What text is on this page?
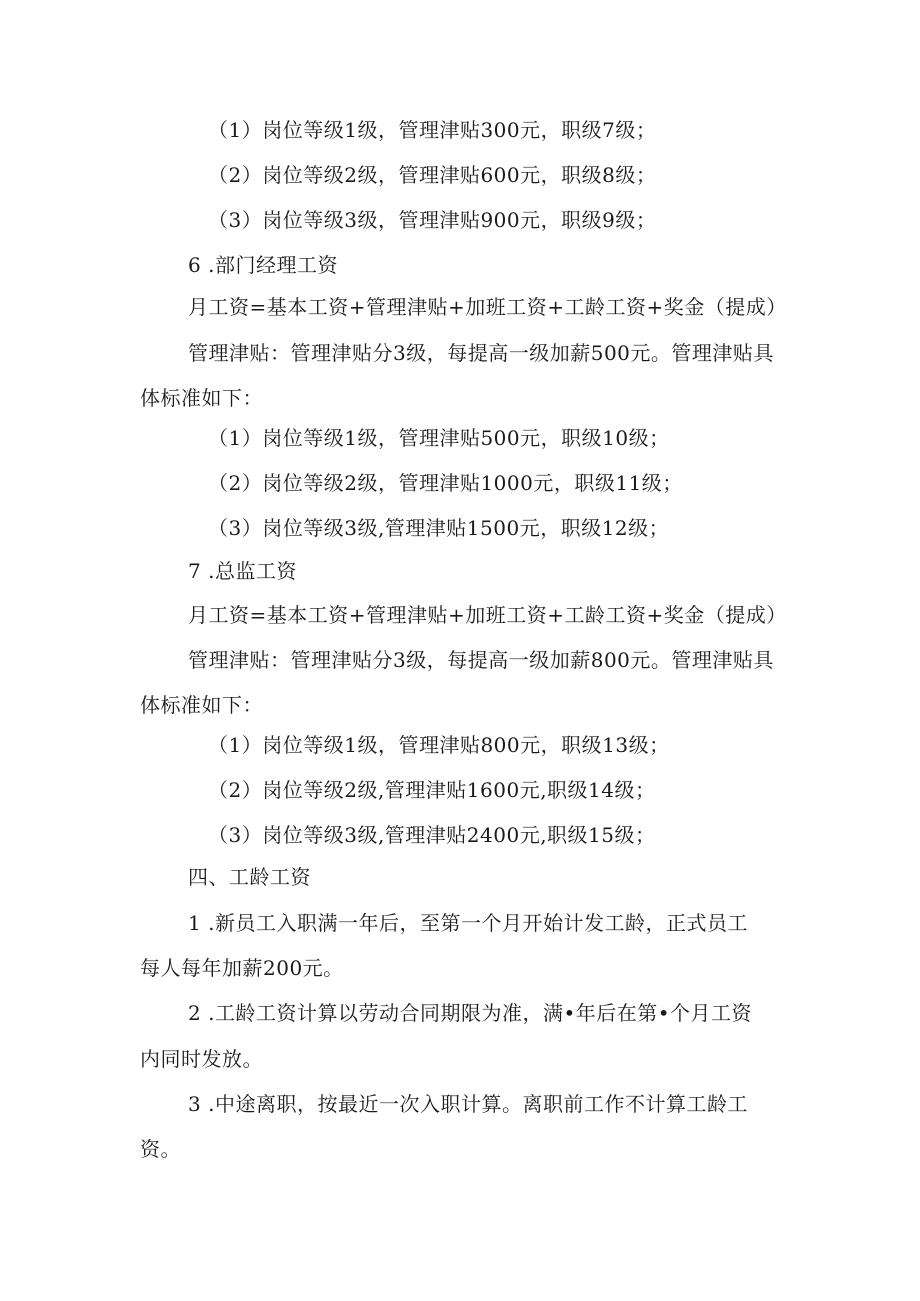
（1）岗位等级1级，管理津贴300元，职级7级；

（2）岗位等级2级，管理津贴600元，职级8级；

（3）岗位等级3级，管理津贴900元，职级9级；

6 .部门经理工资

月工资=基本工资+管理津贴+加班工资+工龄工资+奖金（提成）

管理津贴：管理津贴分3级，每提高一级加薪500元。管理津贴具

体标准如下：

（1）岗位等级1级，管理津贴500元，职级10级；

（2）岗位等级2级，管理津贴1000元，职级11级；

（3）岗位等级3级,管理津贴1500元，职级12级；

7 .总监工资

月工资=基本工资+管理津贴+加班工资+工龄工资+奖金（提成）

管理津贴：管理津贴分3级，每提高一级加薪800元。管理津贴具

体标准如下：

（1）岗位等级1级，管理津贴800元，职级13级；

（2）岗位等级2级,管理津贴1600元,职级14级；

（3）岗位等级3级,管理津贴2400元,职级15级；

四、工龄工资

1 .新员工入职满一年后，至第一个月开始计发工龄，正式员工

每人每年加薪200元。

2 .工龄工资计算以劳动合同期限为准，满•年后在第•个月工资

内同时发放。

3 .中途离职，按最近一次入职计算。离职前工作不计算工龄工

资。
